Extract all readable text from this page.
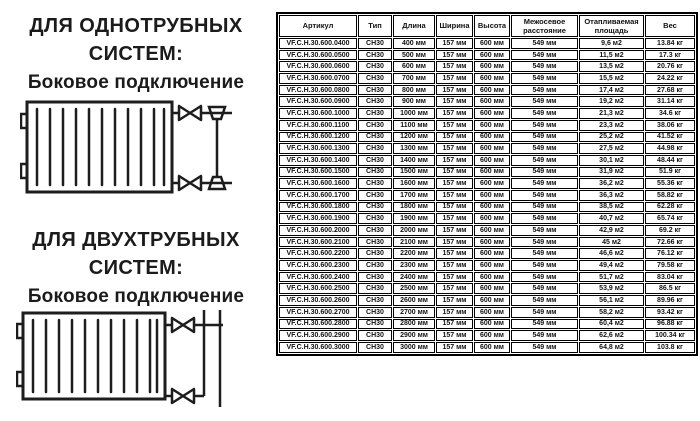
ДЛЯ ОДНОТРУБНЫХ
СИСТЕМ:
Боковое подключение
ДЛЯ ДВУХТРУБНЫХ
СИСТЕМ:
Боковое подключение
Артикул	Тип	Длина	Ширина	Высота	Межосевое расстояние	Отапливаемая площадь	Вес
VF.C.H.30.600.0400	CH30	400 мм	157 мм	600 мм	549 мм	9,6 м2	13.84 кг
VF.C.H.30.600.0500	CH30	500 мм	157 мм	600 мм	549 мм	11,5 м2	17.3 кг
VF.C.H.30.600.0600	CH30	600 мм	157 мм	600 мм	549 мм	13,5 м2	20.76 кг
VF.C.H.30.600.0700	CH30	700 мм	157 мм	600 мм	549 мм	15,5 м2	24.22 кг
VF.C.H.30.600.0800	CH30	800 мм	157 мм	600 мм	549 мм	17,4 м2	27.68 кг
VF.C.H.30.600.0900	CH30	900 мм	157 мм	600 мм	549 мм	19,2 м2	31.14 кг
VF.C.H.30.600.1000	CH30	1000 мм	157 мм	600 мм	549 мм	21,3 м2	34.6 кг
VF.C.H.30.600.1100	CH30	1100 мм	157 мм	600 мм	549 мм	23,3 м2	38.06 кг
VF.C.H.30.600.1200	CH30	1200 мм	157 мм	600 мм	549 мм	25,2 м2	41.52 кг
VF.C.H.30.600.1300	CH30	1300 мм	157 мм	600 мм	549 мм	27,5 м2	44.98 кг
VF.C.H.30.600.1400	CH30	1400 мм	157 мм	600 мм	549 мм	30,1 м2	48.44 кг
VF.C.H.30.600.1500	CH30	1500 мм	157 мм	600 мм	549 мм	31,9 м2	51.9 кг
VF.C.H.30.600.1600	CH30	1600 мм	157 мм	600 мм	549 мм	36,2 м2	55.36 кг
VF.C.H.30.600.1700	CH30	1700 мм	157 мм	600 мм	549 мм	36,3 м2	58.82 кг
VF.C.H.30.600.1800	CH30	1800 мм	157 мм	600 мм	549 мм	38,5 м2	62.28 кг
VF.C.H.30.600.1900	CH30	1900 мм	157 мм	600 мм	549 мм	40,7 м2	65.74 кг
VF.C.H.30.600.2000	CH30	2000 мм	157 мм	600 мм	549 мм	42,9 м2	69.2 кг
VF.C.H.30.600.2100	CH30	2100 мм	157 мм	600 мм	549 мм	45 м2	72.66 кг
VF.C.H.30.600.2200	CH30	2200 мм	157 мм	600 мм	549 мм	46,6 м2	76.12 кг
VF.C.H.30.600.2300	CH30	2300 мм	157 мм	600 мм	549 мм	49,4 м2	79.58 кг
VF.C.H.30.600.2400	CH30	2400 мм	157 мм	600 мм	549 мм	51,7 м2	83.04 кг
VF.C.H.30.600.2500	CH30	2500 мм	157 мм	600 мм	549 мм	53,9 м2	86.5 кг
VF.C.H.30.600.2600	CH30	2600 мм	157 мм	600 мм	549 мм	56,1 м2	89.96 кг
VF.C.H.30.600.2700	CH30	2700 мм	157 мм	600 мм	549 мм	58,2 м2	93.42 кг
VF.C.H.30.600.2800	CH30	2800 мм	157 мм	600 мм	549 мм	60,4 м2	96.88 кг
VF.C.H.30.600.2900	CH30	2900 мм	157 мм	600 мм	549 мм	62,6 м2	100.34 кг
VF.C.H.30.600.3000	CH30	3000 мм	157 мм	600 мм	549 мм	64,8 м2	103.8 кг
